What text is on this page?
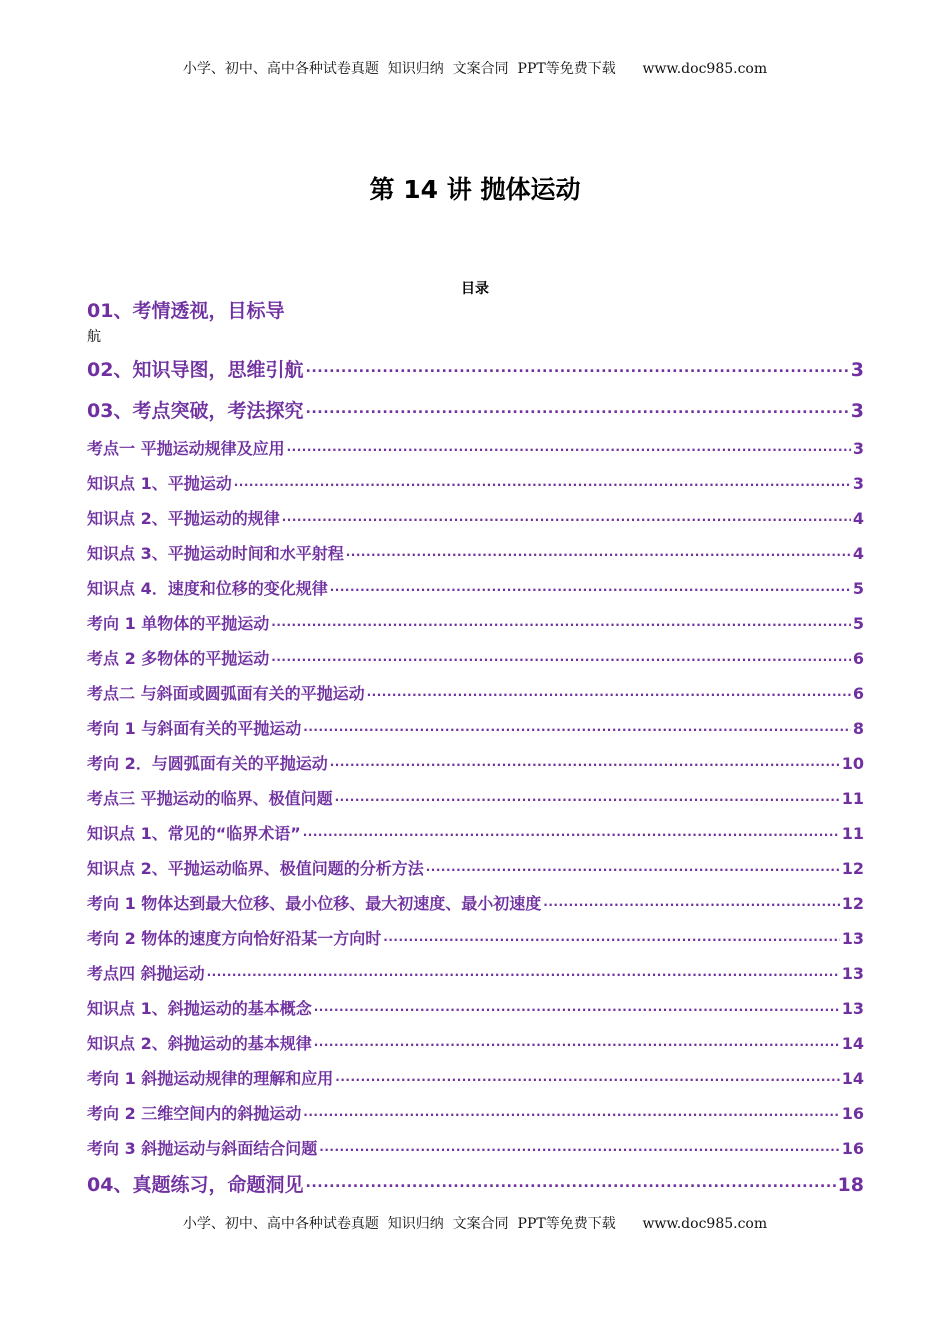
小学、初中、高中各种试卷真题  知识归纳  文案合同  PPT等免费下载      www.doc985.com
第 14 讲 抛体运动
目录
01、考情透视，目标导
航
02、知识导图，思维引航 .....	3
03、考点突破，考法探究 .....	3
考点一 平抛运动规律及应用 .....	3
知识点 1、平抛运动 .....	3
知识点 2、平抛运动的规律 .....	4
知识点 3、平抛运动时间和水平射程 .....	4
知识点 4．速度和位移的变化规律 .....	5
考向 1 单物体的平抛运动 .....	5
考点 2 多物体的平抛运动 .....	6
考点二 与斜面或圆弧面有关的平抛运动 .....	6
考向 1 与斜面有关的平抛运动 .....	8
考向 2．与圆弧面有关的平抛运动 .....	10
考点三 平抛运动的临界、极值问题 .....	11
知识点 1、常见的“临界术语” .....	11
知识点 2、平抛运动临界、极值问题的分析方法 .....	12
考向 1 物体达到最大位移、最小位移、最大初速度、最小初速度 .....	12
考向 2 物体的速度方向恰好沿某一方向时 .....	13
考点四 斜抛运动 .....	13
知识点 1、斜抛运动的基本概念 .....	13
知识点 2、斜抛运动的基本规律 .....	14
考向 1 斜抛运动规律的理解和应用 .....	14
考向 2 三维空间内的斜抛运动 .....	16
考向 3 斜抛运动与斜面结合问题 .....	16
04、真题练习，命题洞见 .....	18
小学、初中、高中各种试卷真题  知识归纳  文案合同  PPT等免费下载      www.doc985.com
